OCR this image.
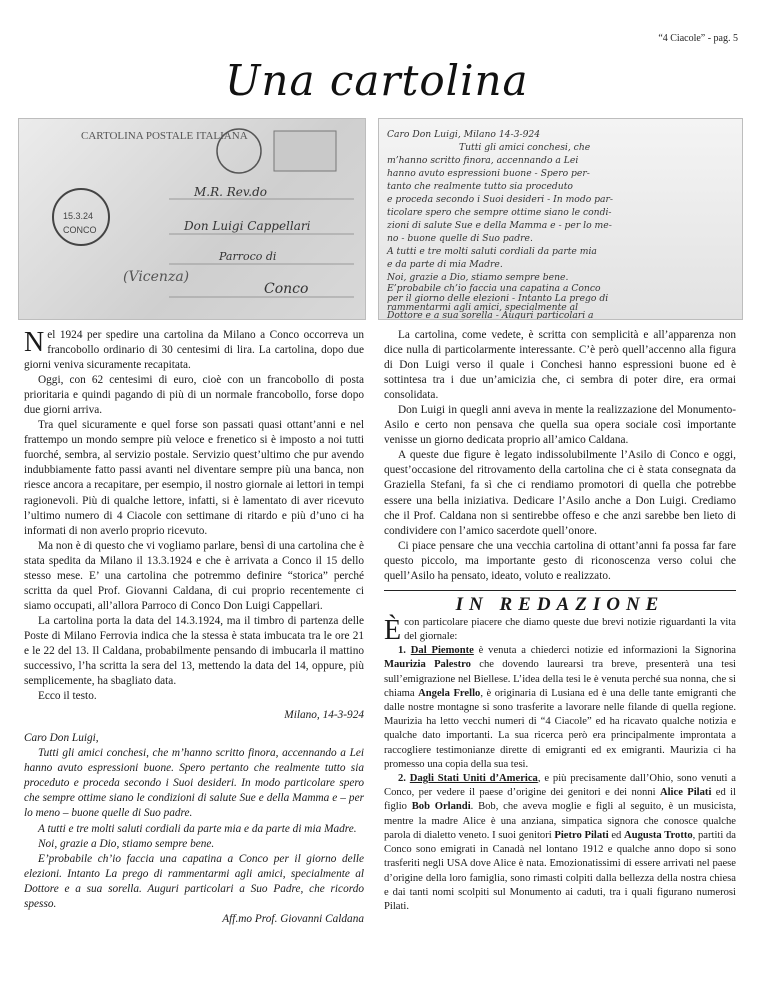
“4 Ciacole” - pag. 5
Una cartolina
CARTOLINA POSTALE ITALIANA
CONCO
15.3.24
M.R. Rev.do
Don Luigi Cappellari
Parroco di
Conco
(Vicenza)
Caro Don Luigi, Milano 14-3-924
Tutti gli amici conchesi, che
m’hanno scritto finora, accennando a Lei
hanno avuto espressioni buone - Spero per-
tanto che realmente tutto sia proceduto
e proceda secondo i Suoi desideri - In modo par-
ticolare spero che sempre ottime siano le condi-
zioni di salute Sue e della Mamma e - per lo me-
no - buone quelle di Suo padre.
A tutti e tre molti saluti cordiali da parte mia
e da parte di mia Madre.
Noi, grazie a Dio, stiamo sempre bene.
E’probabile ch’io faccia una capatina a Conco
per il giorno delle elezioni - Intanto La prego di
rammentarmi agli amici, specialmente al
Dottore e a sua sorella - Auguri particolari a

Nel 1924 per spedire una cartolina da Milano a Conco occorreva un francobollo ordinario di 30 centesimi di lira. La cartolina, dopo due giorni veniva sicuramente recapitata.

Oggi, con 62 centesimi di euro, cioè con un francobollo di posta prioritaria e quindi pagando di più di un normale francobollo, forse dopo due giorni arriva.

Tra quel sicuramente e quel forse son passati quasi ottant’anni e nel frattempo un mondo sempre più veloce e frenetico si è imposto a noi tutti fuorché, sembra, al servizio postale. Servizio quest’ultimo che pur avendo indubbiamente fatto passi avanti nel diventare sempre più una banca, non riesce ancora a recapitare, per esempio, il nostro giornale ai lettori in tempi ragionevoli. Più di qualche lettore, infatti, si è lamentato di aver ricevuto l’ultimo numero di 4 Ciacole con settimane di ritardo e più d’uno ci ha informati di non averlo proprio ricevuto.

Ma non è di questo che vi vogliamo parlare, bensì di una cartolina che è stata spedita da Milano il 13.3.1924 e che è arrivata a Conco il 15 dello stesso mese. E’ una cartolina che potremmo definire “storica” perché scritta da quel Prof. Giovanni Caldana, di cui proprio recentemente ci siamo occupati, all’allora Parroco di Conco Don Luigi Cappellari.

La cartolina porta la data del 14.3.1924, ma il timbro di partenza delle Poste di Milano Ferrovia indica che la stessa è stata imbucata tra le ore 21 e le 22 del 13. Il Caldana, probabilmente pensando di imbucarla il mattino successivo, l’ha scritta la sera del 13, mettendo la data del 14, oppure, più semplicemente, ha sbagliato data.

Ecco il testo.

Milano, 14-3-924

Caro Don Luigi,

Tutti gli amici conchesi, che m’hanno scritto finora, accennando a Lei hanno avuto espressioni buone. Spero pertanto che realmente tutto sia proceduto e proceda secondo i Suoi desideri. In modo particolare spero che sempre ottime siano le condizioni di salute Sue e della Mamma e – per lo meno – buone quelle di Suo padre.

A tutti e tre molti saluti cordiali da parte mia e da parte di mia Madre.

Noi, grazie a Dio, stiamo sempre bene.

E’probabile ch’io faccia una capatina a Conco per il giorno delle elezioni. Intanto La prego di rammentarmi agli amici, specialmente al Dottore e a sua sorella. Auguri particolari a Suo Padre, che ricordo spesso.

Aff.mo Prof. Giovanni Caldana

La cartolina, come vedete, è scritta con semplicità e all’apparenza non dice nulla di particolarmente interessante. C’è però quell’accenno alla figura di Don Luigi verso il quale i Conchesi hanno espressioni buone ed è sottintesa tra i due un’amicizia che, ci sembra di poter dire, era ormai consolidata.

Don Luigi in quegli anni aveva in mente la realizzazione del Monumento-Asilo e certo non pensava che quella sua opera sociale così importante venisse un giorno dedicata proprio all’amico Caldana.

A queste due figure è legato indissolubilmente l’Asilo di Conco e oggi, quest’occasione del ritrovamento della cartolina che ci è stata consegnata da Graziella Stefani, fa sì che ci rendiamo promotori di quella che potrebbe essere una bella iniziativa. Dedicare l’Asilo anche a Don Luigi. Crediamo che il Prof. Caldana non si sentirebbe offeso e che anzi sarebbe ben lieto di condividere con l’amico sacerdote quell’onore.

Ci piace pensare che una vecchia cartolina di ottant’anni fa possa far fare questo piccolo, ma importante gesto di riconoscenza verso colui che quell’Asilo ha pensato, ideato, voluto e realizzato.

IN REDAZIONE

È con particolare piacere che diamo queste due brevi notizie riguardanti la vita del giornale:

1. Dal Piemonte è venuta a chiederci notizie ed informazioni la Signorina Maurizia Palestro che dovendo laurearsi tra breve, presenterà una tesi sull’emigrazione nel Biellese. L’idea della tesi le è venuta perché sua nonna, che si chiama Angela Frello, è originaria di Lusiana ed è una delle tante emigranti che dalle nostre montagne si sono trasferite a lavorare nelle filande di quella regione. Maurizia ha letto vecchi numeri di “4 Ciacole” ed ha ricavato qualche notizia e qualche dato importanti. La sua ricerca però era principalmente improntata a raccogliere testimonianze dirette di emigranti ed ex emigranti. Maurizia ci ha promesso una copia della sua tesi.

2. Dagli Stati Uniti d’America, e più precisamente dall’Ohio, sono venuti a Conco, per vedere il paese d’origine dei genitori e dei nonni Alice Pilati ed il figlio Bob Orlandi. Bob, che aveva moglie e figli al seguito, è un musicista, mentre la madre Alice è una anziana, simpatica signora che conosce qualche parola di dialetto veneto. I suoi genitori Pietro Pilati ed Augusta Trotto, partiti da Conco sono emigrati in Canadà nel lontano 1912 e qualche anno dopo si sono trasferiti negli USA dove Alice è nata. Emozionatissimi di essere arrivati nel paese d’origine della loro famiglia, sono rimasti colpiti dalla bellezza della nostra chiesa e dai tanti nomi scolpiti sul Monumento ai caduti, tra i quali figurano numerosi Pilati.
